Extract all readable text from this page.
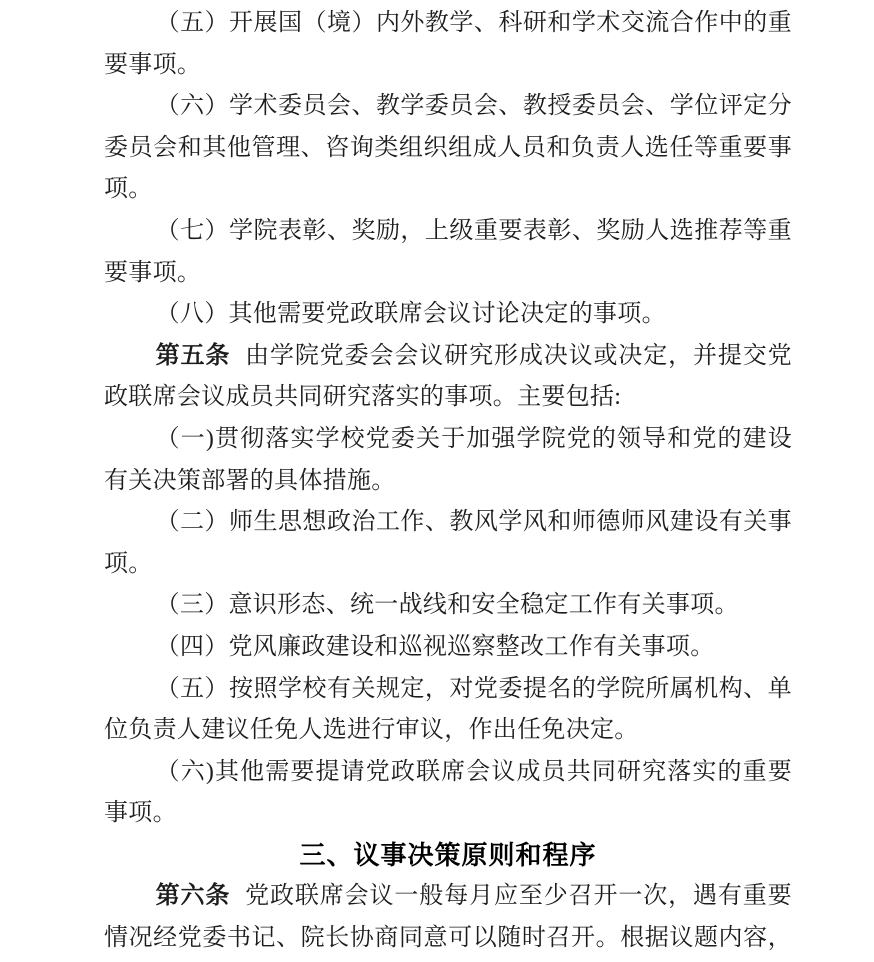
（五）开展国（境）内外教学、科研和学术交流合作中的重
要事项。
（六）学术委员会、教学委员会、教授委员会、学位评定分
委员会和其他管理、咨询类组织组成人员和负责人选任等重要事
项。
（七）学院表彰、奖励，上级重要表彰、奖励人选推荐等重
要事项。
（八）其他需要党政联席会议讨论决定的事项。
第五条 由学院党委会会议研究形成决议或决定，并提交党
政联席会议成员共同研究落实的事项。主要包括:
（一)贯彻落实学校党委关于加强学院党的领导和党的建设
有关决策部署的具体措施。
（二）师生思想政治工作、教风学风和师德师风建设有关事
项。
（三）意识形态、统一战线和安全稳定工作有关事项。
（四）党风廉政建设和巡视巡察整改工作有关事项。
（五）按照学校有关规定，对党委提名的学院所属机构、单
位负责人建议任免人选进行审议，作出任免决定。
（六)其他需要提请党政联席会议成员共同研究落实的重要
事项。
三、议事决策原则和程序
第六条 党政联席会议一般每月应至少召开一次，遇有重要
情况经党委书记、院长协商同意可以随时召开。根据议题内容，
